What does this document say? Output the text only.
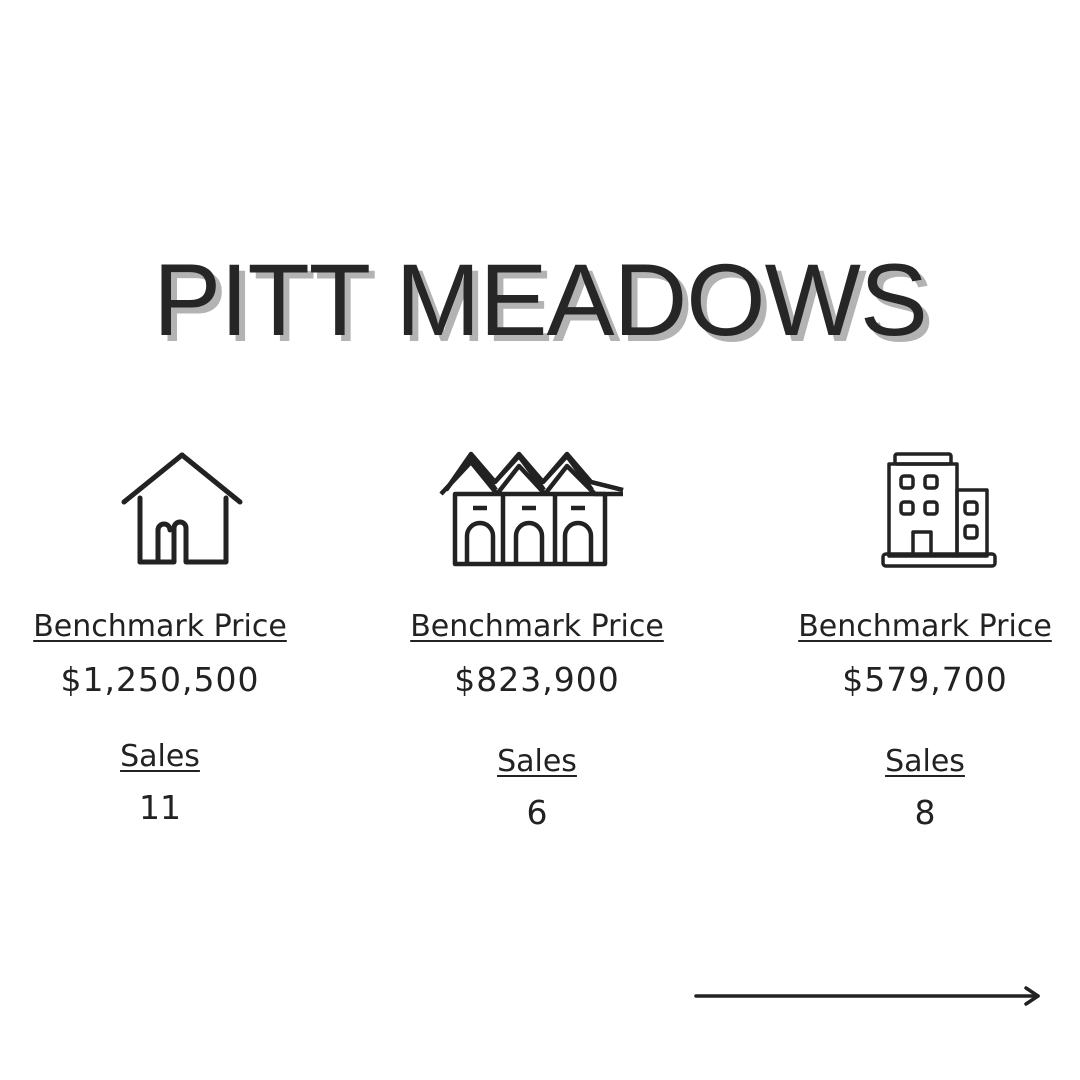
PITT MEADOWS
Benchmark Price
$1,250,500
Sales
11
Benchmark Price
$823,900
Sales
6
Benchmark Price
$579,700
Sales
8
